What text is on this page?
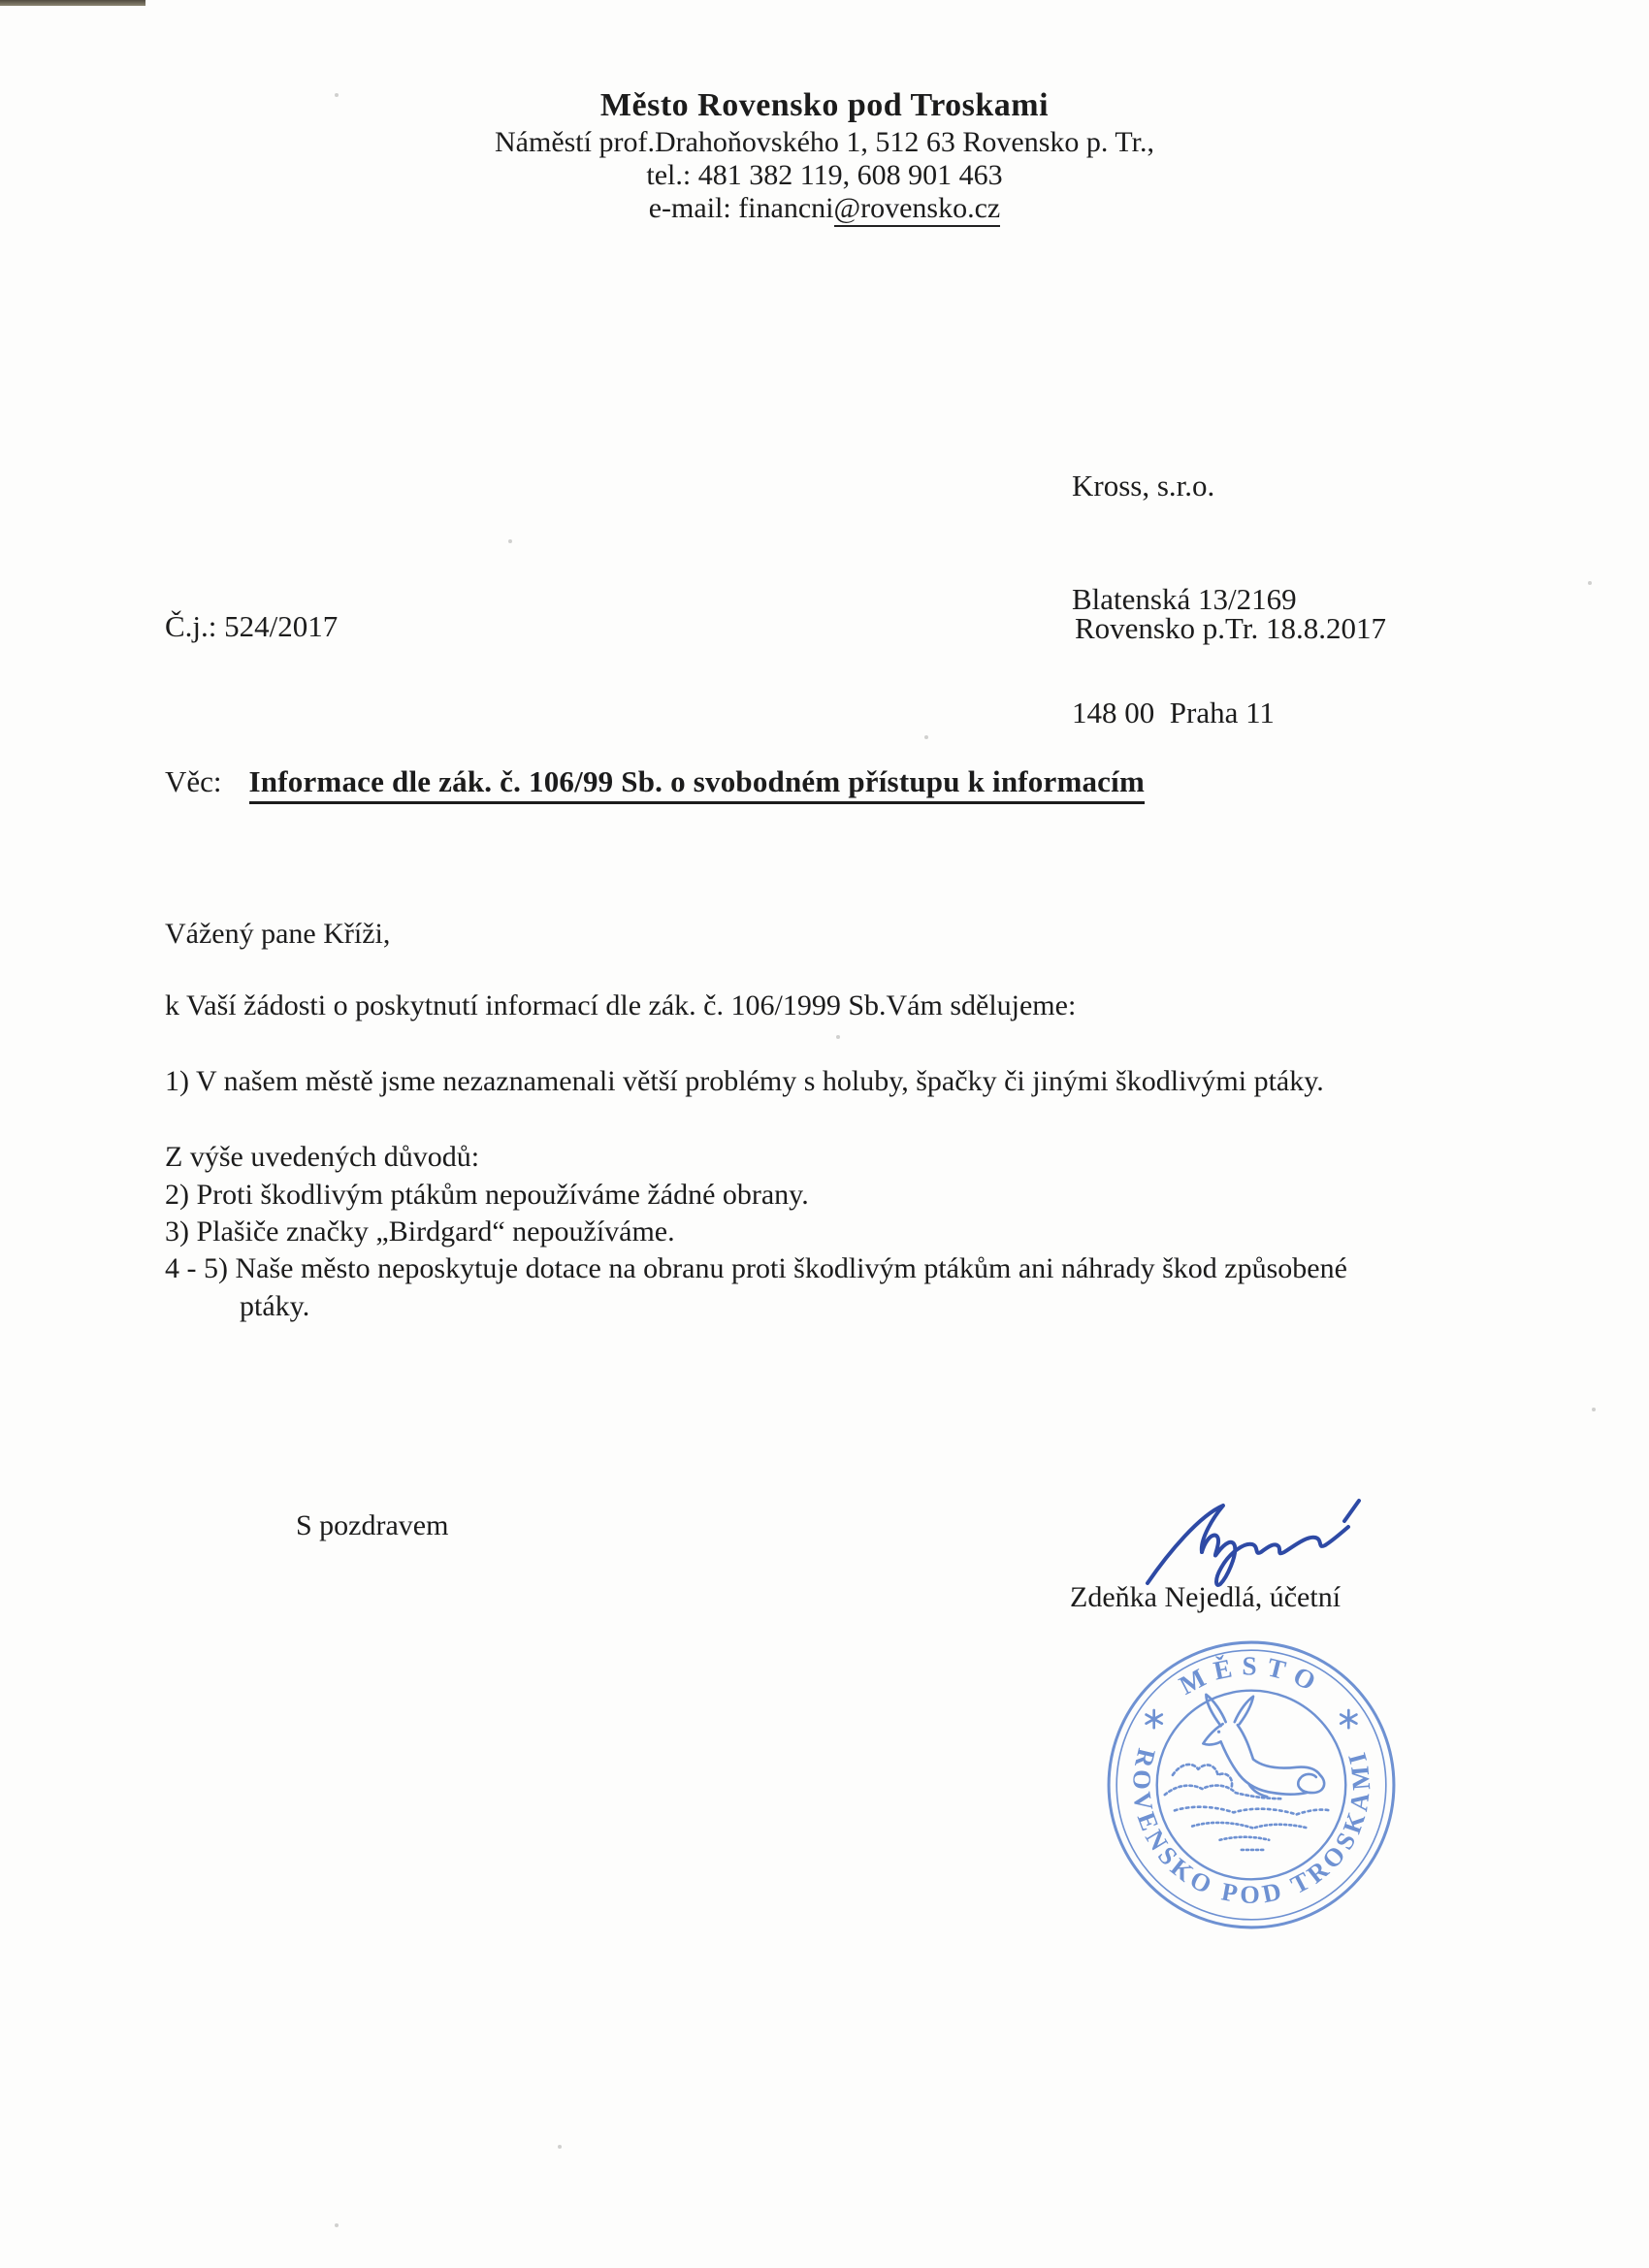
Město Rovensko pod Troskami
Náměstí prof.Drahoňovského 1, 512 63 Rovensko p. Tr.,
tel.: 481 382 119, 608 901 463
e-mail: financni@rovensko.cz

Kross, s.r.o.

Blatenská 13/2169

148 00  Praha 11

Č.j.: 524/2017	Rovensko p.Tr. 18.8.2017
Věc: Informace dle zák. č. 106/99 Sb. o svobodném přístupu k informacím
Vážený pane Kříži,
k Vaší žádosti o poskytnutí informací dle zák. č. 106/1999 Sb.Vám sdělujeme:
1) V našem městě jsme nezaznamenali větší problémy s holuby, špačky či jinými škodlivými ptáky.
Z výše uvedených důvodů:
2) Proti škodlivým ptákům nepoužíváme žádné obrany.
3) Plašiče značky „Birdgard“ nepoužíváme.
4 - 5) Naše město neposkytuje dotace na obranu proti škodlivým ptákům ani náhrady škod způsobené
ptáky.
S pozdravem
Zdeňka Nejedlá, účetní
MĚSTO
ROVENSKO POD TROSKAMI
